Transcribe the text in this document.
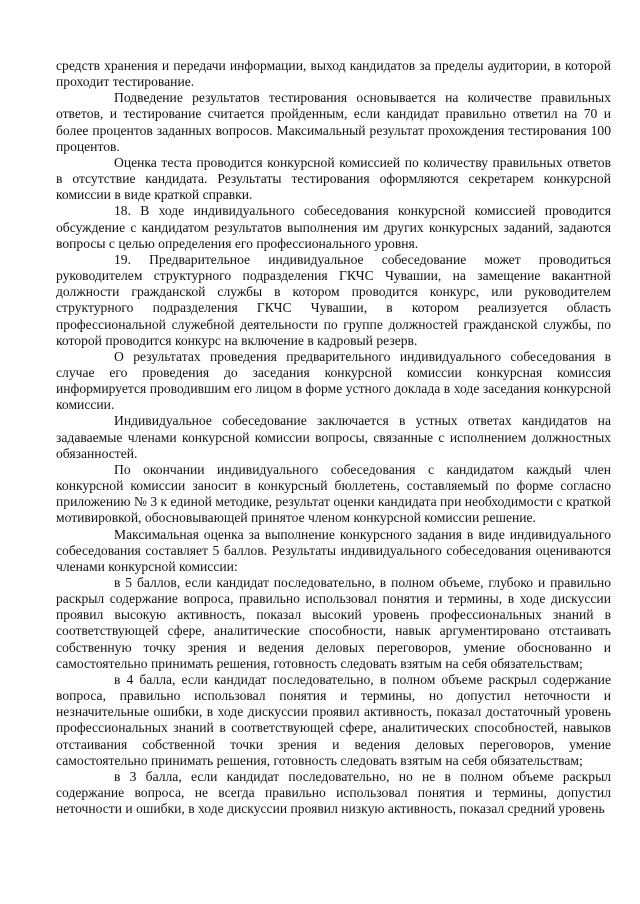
средств хранения и передачи информации, выход кандидатов за пределы аудитории, в которой проходит тестирование.

Подведение результатов тестирования основывается на количестве правильных ответов, и тестирование считается пройденным, если кандидат правильно ответил на 70 и более процентов заданных вопросов. Максимальный результат прохождения тестирования 100 процентов.

Оценка теста проводится конкурсной комиссией по количеству правильных ответов в отсутствие кандидата. Результаты тестирования оформляются секретарем конкурсной комиссии в виде краткой справки.

18. В ходе индивидуального собеседования конкурсной комиссией проводится обсуждение с кандидатом результатов выполнения им других конкурсных заданий, задаются вопросы с целью определения его профессионального уровня.

19. Предварительное индивидуальное собеседование может проводиться руководителем структурного подразделения ГКЧС Чувашии, на замещение вакантной должности гражданской службы в котором проводится конкурс, или руководителем структурного подразделения ГКЧС Чувашии, в котором реализуется область профессиональной служебной деятельности по группе должностей гражданской службы, по которой проводится конкурс на включение в кадровый резерв.

О результатах проведения предварительного индивидуального собеседования в случае его проведения до заседания конкурсной комиссии конкурсная комиссия информируется проводившим его лицом в форме устного доклада в ходе заседания конкурсной комиссии.

Индивидуальное собеседование заключается в устных ответах кандидатов на задаваемые членами конкурсной комиссии вопросы, связанные с исполнением должностных обязанностей.

По окончании индивидуального собеседования с кандидатом каждый член конкурсной комиссии заносит в конкурсный бюллетень, составляемый по форме согласно приложению № 3 к единой методике, результат оценки кандидата при необходимости с краткой мотивировкой, обосновывающей принятое членом конкурсной комиссии решение.

Максимальная оценка за выполнение конкурсного задания в виде индивидуального собеседования составляет 5 баллов. Результаты индивидуального собеседования оцениваются членами конкурсной комиссии:

в 5 баллов, если кандидат последовательно, в полном объеме, глубоко и правильно раскрыл содержание вопроса, правильно использовал понятия и термины, в ходе дискуссии проявил высокую активность, показал высокий уровень профессиональных знаний в соответствующей сфере, аналитические способности, навык аргументировано отстаивать собственную точку зрения и ведения деловых переговоров, умение обоснованно и самостоятельно принимать решения, готовность следовать взятым на себя обязательствам;

в 4 балла, если кандидат последовательно, в полном объеме раскрыл содержание вопроса, правильно использовал понятия и термины, но допустил неточности и незначительные ошибки, в ходе дискуссии проявил активность, показал достаточный уровень профессиональных знаний в соответствующей сфере, аналитических способностей, навыков отстаивания собственной точки зрения и ведения деловых переговоров, умение самостоятельно принимать решения, готовность следовать взятым на себя обязательствам;

в 3 балла, если кандидат последовательно, но не в полном объеме раскрыл содержание вопроса, не всегда правильно использовал понятия и термины, допустил неточности и ошибки, в ходе дискуссии проявил низкую активность, показал средний уровень
